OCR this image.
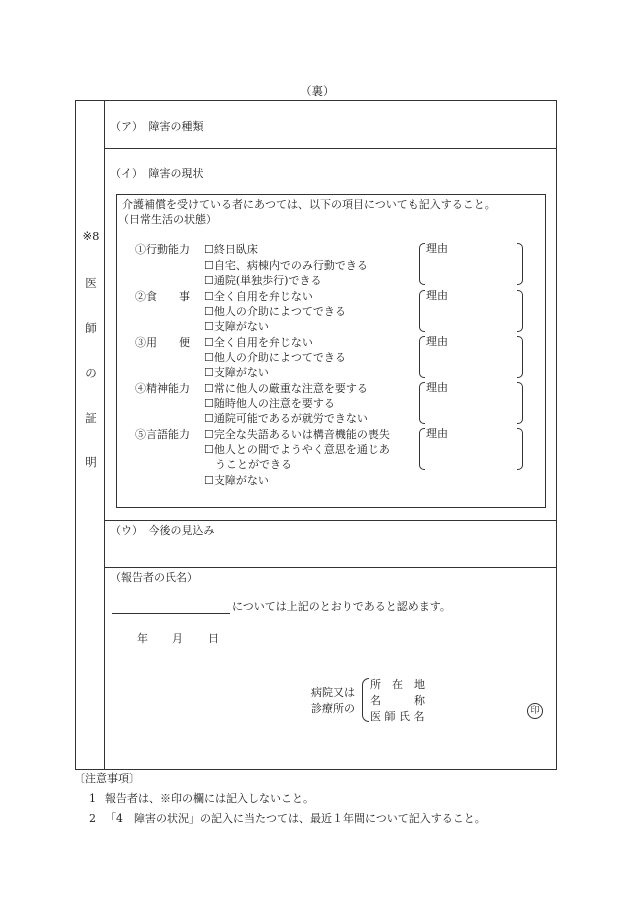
（裏）
※8
医
師
の
証
明
（ア）　障害の種類
（イ）　障害の現状
介護補償を受けている者にあつては、以下の項目についても記入すること。
（日常生活の状態）
①行動能力 ☐終日臥床
☐自宅、病棟内でのみ行動できる
☐通院(単独歩行)できる
理由
②食　　事 ☐全く自用を弁じない
☐他人の介助によつてできる
☐支障がない
理由
③用　　便 ☐全く自用を弁じない
☐他人の介助によつてできる
☐支障がない
理由
④精神能力 ☐常に他人の厳重な注意を要する
☐随時他人の注意を要する
☐通院可能であるが就労できない
理由
⑤言語能力 ☐完全な失語あるいは構音機能の喪失
☐他人との間でようやく意思を通じあ
　うことができる
☐支障がない
理由
（ウ）　今後の見込み
（報告者の氏名）
については上記のとおりであると認めます。
年 月 日
病院又は
診療所の
所　在　地
名　　　称
医 師 氏 名	印
〔注意事項〕
1 報告者は、※印の欄には記入しないこと。
2 「4　障害の状況」の記入に当たつては、最近１年間について記入すること。
